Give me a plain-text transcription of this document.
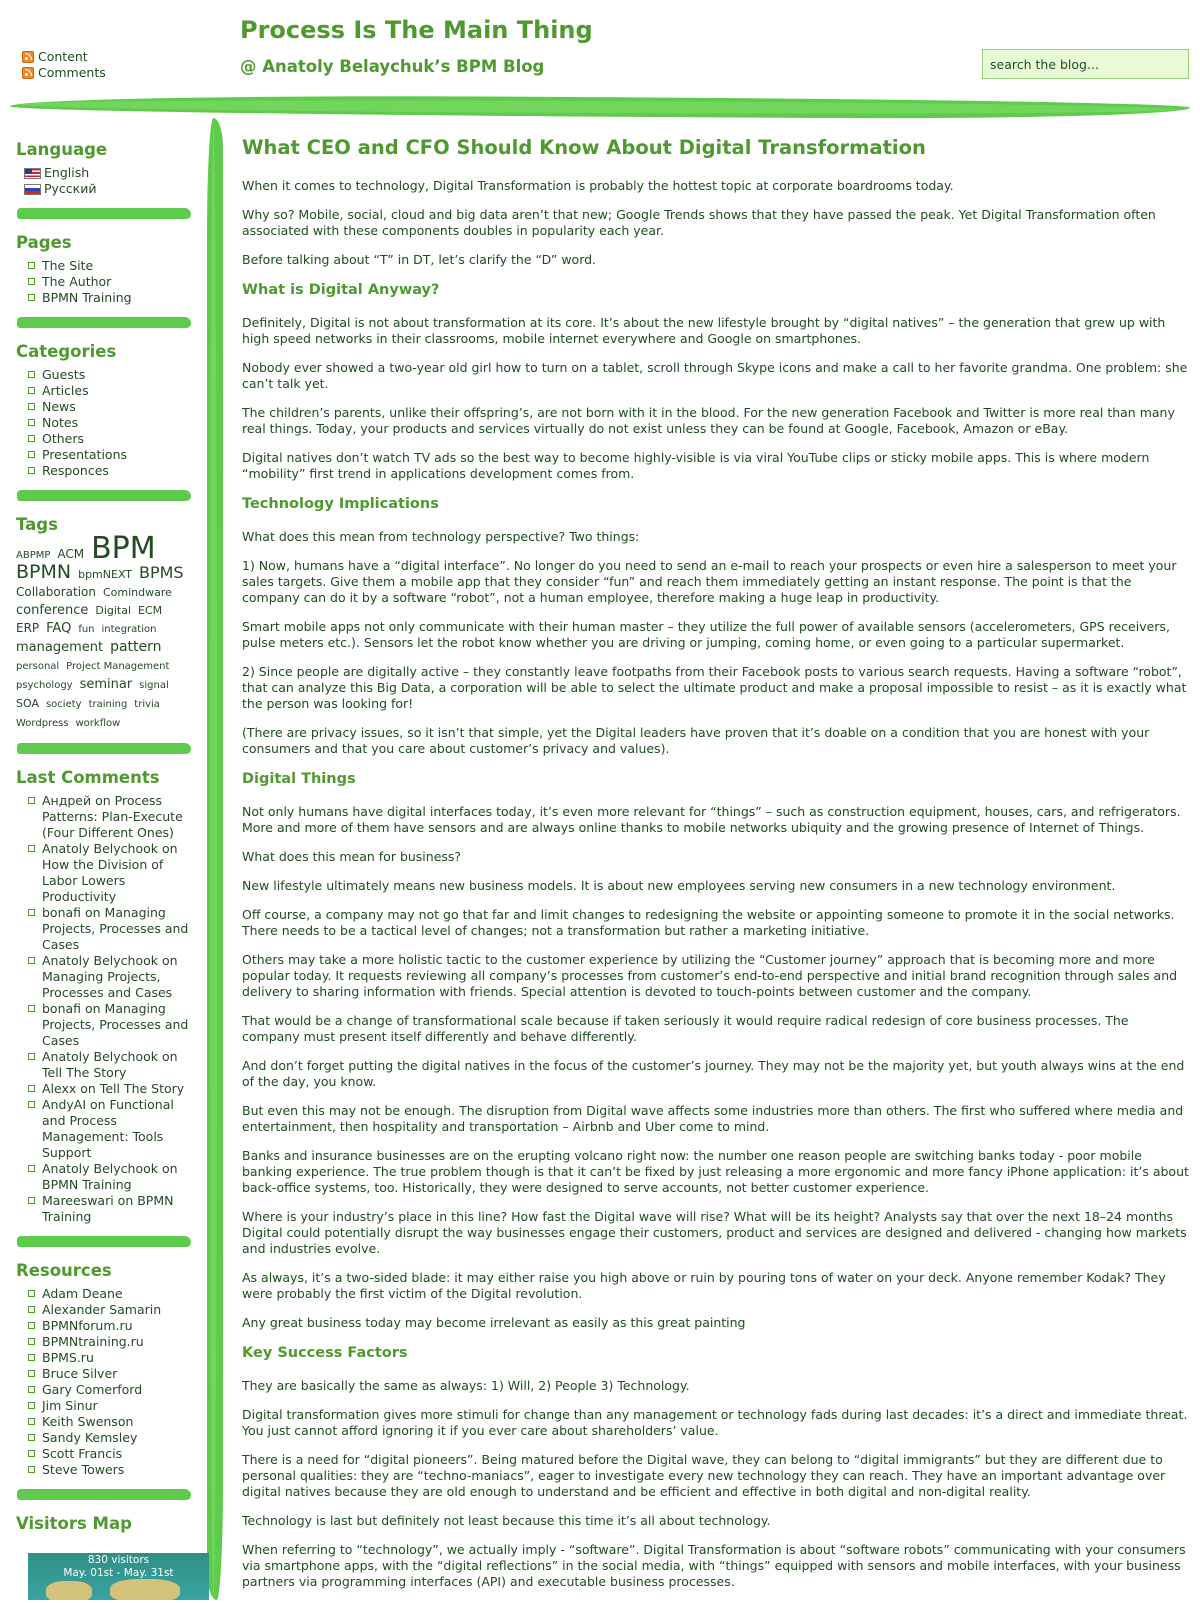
Content
Comments
Process Is The Main Thing
@ Anatoly Belaychuk’s BPM Blog
search the blog...
Language
English
Русский
Pages
The Site
The Author
BPMN Training
Categories
Guests
Articles
News
Notes
Others
Presentations
Responces
Tags
ABPMP ACM BPM BPMN bpmNEXT BPMS Collaboration Comindware conference Digital ECM ERP FAQ fun integration management pattern personal Project Management psychology seminar signal SOA society training trivia Wordpress workflow
Last Comments
Андрей on Process Patterns: Plan-Execute (Four Different Ones)
Anatoly Belychook on How the Division of Labor Lowers Productivity
bonafi on Managing Projects, Processes and Cases
Anatoly Belychook on Managing Projects, Processes and Cases
bonafi on Managing Projects, Processes and Cases
Anatoly Belychook on Tell The Story
Alexx on Tell The Story
AndyAI on Functional and Process Management: Tools Support
Anatoly Belychook on BPMN Training
Mareeswari on BPMN Training
Resources
Adam Deane
Alexander Samarin
BPMNforum.ru
BPMNtraining.ru
BPMS.ru
Bruce Silver
Gary Comerford
Jim Sinur
Keith Swenson
Sandy Kemsley
Scott Francis
Steve Towers
Visitors Map
830 visitors
May. 01st - May. 31st
What CEO and CFO Should Know About Digital Transformation

When it comes to technology, Digital Transformation is probably the hottest topic at corporate boardrooms today.

Why so? Mobile, social, cloud and big data aren’t that new; Google Trends shows that they have passed the peak. Yet Digital Transformation often associated with these components doubles in popularity each year.

Before talking about “T” in DT, let’s clarify the “D” word.

What is Digital Anyway?

Definitely, Digital is not about transformation at its core. It’s about the new lifestyle brought by “digital natives” – the generation that grew up with high speed networks in their classrooms, mobile internet everywhere and Google on smartphones.

Nobody ever showed a two-year old girl how to turn on a tablet, scroll through Skype icons and make a call to her favorite grandma. One problem: she can’t talk yet.

The children’s parents, unlike their offspring’s, are not born with it in the blood. For the new generation Facebook and Twitter is more real than many real things. Today, your products and services virtually do not exist unless they can be found at Google, Facebook, Amazon or eBay.

Digital natives don’t watch TV ads so the best way to become highly-visible is via viral YouTube clips or sticky mobile apps. This is where modern “mobility” first trend in applications development comes from.

Technology Implications

What does this mean from technology perspective? Two things:

1) Now, humans have a “digital interface”. No longer do you need to send an e-mail to reach your prospects or even hire a salesperson to meet your sales targets. Give them a mobile app that they consider “fun” and reach them immediately getting an instant response. The point is that the company can do it by a software “robot”, not a human employee, therefore making a huge leap in productivity.

Smart mobile apps not only communicate with their human master – they utilize the full power of available sensors (accelerometers, GPS receivers, pulse meters etc.). Sensors let the robot know whether you are driving or jumping, coming home, or even going to a particular supermarket.

2) Since people are digitally active – they constantly leave footpaths from their Facebook posts to various search requests. Having a software “robot”, that can analyze this Big Data, a corporation will be able to select the ultimate product and make a proposal impossible to resist – as it is exactly what the person was looking for!

(There are privacy issues, so it isn’t that simple, yet the Digital leaders have proven that it’s doable on a condition that you are honest with your consumers and that you care about customer’s privacy and values).

Digital Things

Not only humans have digital interfaces today, it’s even more relevant for “things” – such as construction equipment, houses, cars, and refrigerators. More and more of them have sensors and are always online thanks to mobile networks ubiquity and the growing presence of Internet of Things.

What does this mean for business?

New lifestyle ultimately means new business models. It is about new employees serving new consumers in a new technology environment.

Off course, a company may not go that far and limit changes to redesigning the website or appointing someone to promote it in the social networks. There needs to be a tactical level of changes; not a transformation but rather a marketing initiative.

Others may take a more holistic tactic to the customer experience by utilizing the “Customer journey” approach that is becoming more and more popular today. It requests reviewing all company’s processes from customer’s end-to-end perspective and initial brand recognition through sales and delivery to sharing information with friends. Special attention is devoted to touch-points between customer and the company.

That would be a change of transformational scale because if taken seriously it would require radical redesign of core business processes. The company must present itself differently and behave differently.

And don’t forget putting the digital natives in the focus of the customer’s journey. They may not be the majority yet, but youth always wins at the end of the day, you know.

But even this may not be enough. The disruption from Digital wave affects some industries more than others. The first who suffered where media and entertainment, then hospitality and transportation – Airbnb and Uber come to mind.

Banks and insurance businesses are on the erupting volcano right now: the number one reason people are switching banks today - poor mobile banking experience. The true problem though is that it can’t be fixed by just releasing a more ergonomic and more fancy iPhone application: it’s about back-office systems, too. Historically, they were designed to serve accounts, not better customer experience.

Where is your industry’s place in this line? How fast the Digital wave will rise? What will be its height? Analysts say that over the next 18–24 months Digital could potentially disrupt the way businesses engage their customers, product and services are designed and delivered - changing how markets and industries evolve.

As always, it’s a two-sided blade: it may either raise you high above or ruin by pouring tons of water on your deck. Anyone remember Kodak? They were probably the first victim of the Digital revolution.

Any great business today may become irrelevant as easily as this great painting

Key Success Factors

They are basically the same as always: 1) Will, 2) People 3) Technology.

Digital transformation gives more stimuli for change than any management or technology fads during last decades: it’s a direct and immediate threat. You just cannot afford ignoring it if you ever care about shareholders’ value.

There is a need for “digital pioneers”. Being matured before the Digital wave, they can belong to “digital immigrants” but they are different due to personal qualities: they are “techno-maniacs”, eager to investigate every new technology they can reach. They have an important advantage over digital natives because they are old enough to understand and be efficient and effective in both digital and non-digital reality.

Technology is last but definitely not least because this time it’s all about technology.

When referring to “technology”, we actually imply - “software”. Digital Transformation is about “software robots” communicating with your consumers via smartphone apps, with the “digital reflections” in the social media, with “things” equipped with sensors and mobile interfaces, with your business partners via programming interfaces (API) and executable business processes.
